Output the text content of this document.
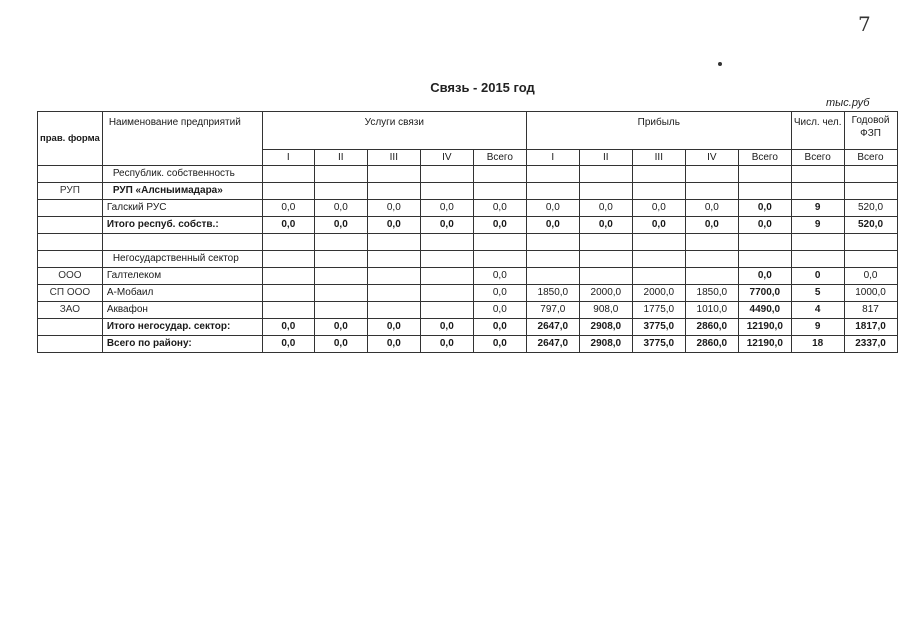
7
Связь - 2015 год
тыс.руб
прав. форма	Наименование предприятий	Услуги связи					Прибыль					Числ. чел.	Годовой
ФЗП
		I	II	III	IV	Всего	I	II	III	IV	Всего	Всего	Всего
	Республик. собственность												
РУП	РУП «Алсныимадара»												
	Галский РУС	0,0	0,0	0,0	0,0	0,0	0,0	0,0	0,0	0,0	0,0	9	520,0
	Итого респуб. собств.:	0,0	0,0	0,0	0,0	0,0	0,0	0,0	0,0	0,0	0,0	9	520,0

	Негосударственный сектор												
ООО	Галтелеком					0,0					0,0	0	0,0
СП ООО	А-Мобаил					0,0	1850,0	2000,0	2000,0	1850,0	7700,0	5	1000,0
ЗАО	Аквафон					0,0	797,0	908,0	1775,0	1010,0	4490,0	4	817
	Итого негосудар. сектор:	0,0	0,0	0,0	0,0	0,0	2647,0	2908,0	3775,0	2860,0	12190,0	9	1817,0
	Всего по району:	0,0	0,0	0,0	0,0	0,0	2647,0	2908,0	3775,0	2860,0	12190,0	18	2337,0
